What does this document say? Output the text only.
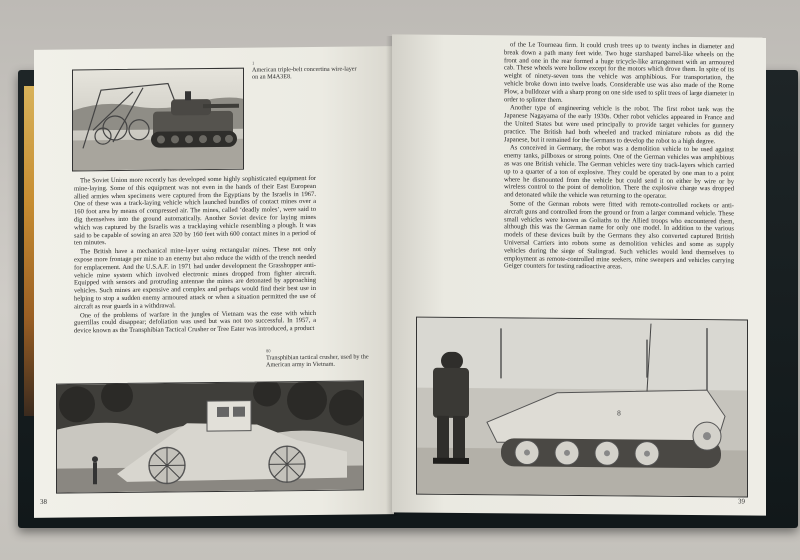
1
American triple-belt concertina wire-layer on an M4A3E8.

The Soviet Union more recently has developed some highly sophisticated equipment for mine-laying. Some of this equipment was not even in the hands of their East European allied armies when specimens were captured from the Egyptians by the Israelis in 1967. One of these was a track-laying vehicle which launched bundles of contact mines over a 160 foot area by means of compressed air. The mines, called ‘deadly moles’, were said to dig themselves into the ground automatically. Another Soviet device for laying mines which was captured by the Israelis was a tracklaying vehicle resembling a plough. It was said to be capable of sowing an area 320 by 160 feet with 600 contact mines in a period of ten minutes.

The British have a mechanical mine-layer using rectangular mines. These not only expose more frontage per mine to an enemy but also reduce the width of the trench needed for emplacement. And the U.S.A.F. in 1971 had under development the Grasshopper anti-vehicle mine system which involved electronic mines dropped from fighter aircraft. Equipped with sensors and protruding antennae the mines are detonated by approaching vehicles. Such mines are expensive and complex and perhaps would find their best use in helping to stop a sudden enemy armoured attack or when a situation permitted the use of aircraft as rear guards in a withdrawal.

One of the problems of warfare in the jungles of Vietnam was the ease with which guerrillas could disappear; defoliation was used but was not too successful. In 1957, a device known as the Transphibian Tactical Crusher or Tree Eater was introduced, a product

80
Transphibian tactical crusher, used by the American army in Vietnam.
38

of the Le Tourneau firm. It could crush trees up to twenty inches in diameter and break down a path many feet wide. Two huge starshaped barrel-like wheels on the front and one in the rear formed a huge tricycle-like arrangement with an armoured cab. These wheels were hollow except for the motors which drove them. In spite of its weight of ninety-seven tons the vehicle was amphibious. For transportation, the vehicle broke down into twelve loads. Considerable use was also made of the Rome Plow, a bulldozer with a sharp prong on one side used to split trees of large diameter in order to splinter them.

Another type of engineering vehicle is the robot. The first robot tank was the Japanese Nagayama of the early 1930s. Other robot vehicles appeared in France and the United States but were used principally to provide target vehicles for gunnery practice. The British had both wheeled and tracked miniature robots as did the Japanese, but it remained for the Germans to develop the robot to a high degree.

As conceived in Germany, the robot was a demolition vehicle to be used against enemy tanks, pillboxes or strong points. One of the German vehicles was amphibious as was one British vehicle. The German vehicles were tiny track-layers which carried up to a quarter of a ton of explosive. They could be operated by one man to a point where he dismounted from the vehicle but could send it on either by wire or by wireless control to the point of demolition. There the explosive charge was dropped and detonated while the vehicle was returning to the operator.

Some of the German robots were fitted with remote-controlled rockets or anti-aircraft guns and controlled from the ground or from a larger command vehicle. These small vehicles were known as Goliaths to the Allied troops who encountered them, although this was the German name for only one model. In addition to the various models of these devices built by the Germans they also converted captured British Universal Carriers into robots some as demolition vehicles and some as supply vehicles during the siege of Stalingrad. Such vehicles would lend themselves to employment as remote-controlled mine seekers, mine sweepers and vehicles carrying Geiger counters for testing radioactive areas.

8
39
